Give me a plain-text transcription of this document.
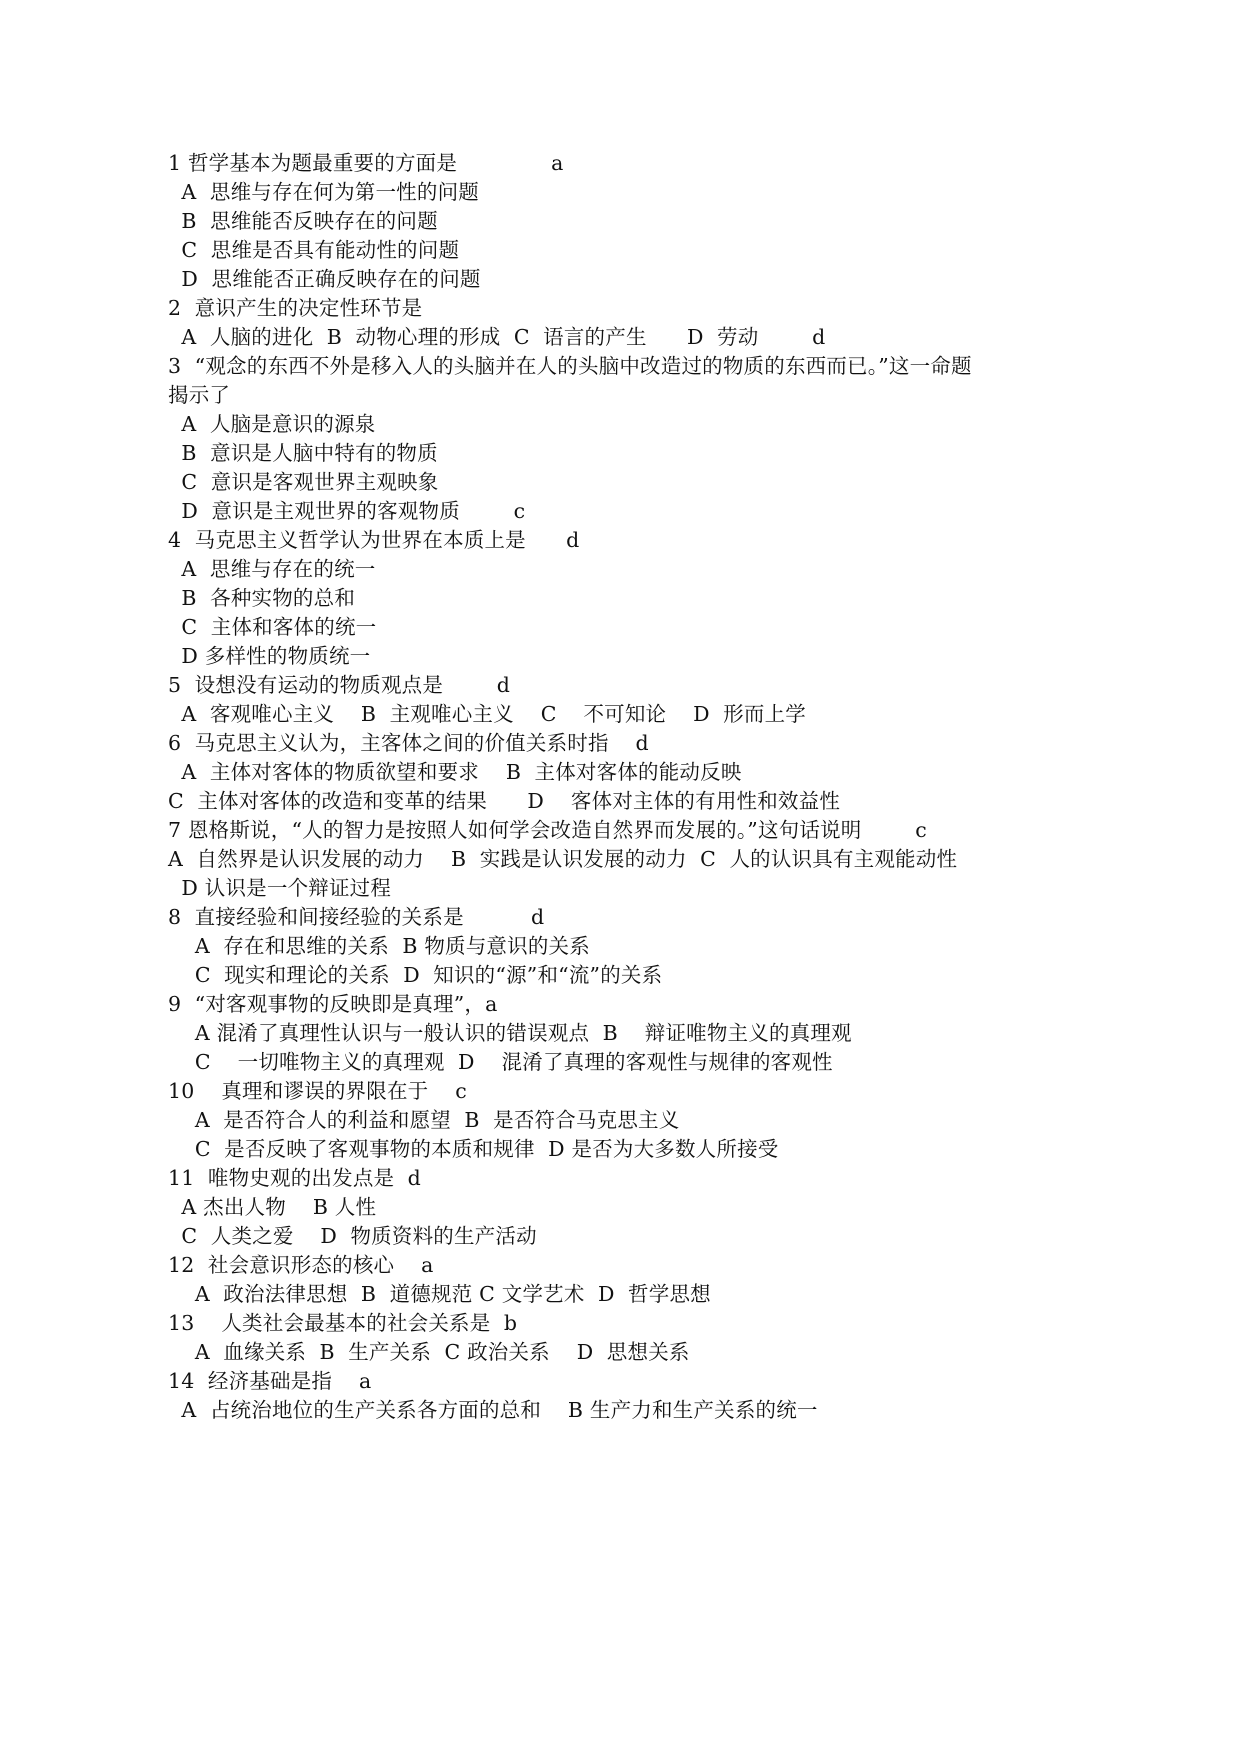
1 哲学基本为题最重要的方面是              a
A  思维与存在何为第一性的问题
B  思维能否反映存在的问题
C  思维是否具有能动性的问题
D  思维能否正确反映存在的问题
2  意识产生的决定性环节是
A  人脑的进化  B  动物心理的形成  C  语言的产生      D  劳动        d
3  “观念的东西不外是移入人的头脑并在人的头脑中改造过的物质的东西而已。”这一命题
揭示了
A  人脑是意识的源泉
B  意识是人脑中特有的物质
C  意识是客观世界主观映象
D  意识是主观世界的客观物质        c
4  马克思主义哲学认为世界在本质上是      d
A  思维与存在的统一
B  各种实物的总和
C  主体和客体的统一
D 多样性的物质统一
5  设想没有运动的物质观点是        d
A  客观唯心主义    B  主观唯心主义    C    不可知论    D  形而上学
6  马克思主义认为，主客体之间的价值关系时指    d
A  主体对客体的物质欲望和要求    B  主体对客体的能动反映
C  主体对客体的改造和变革的结果      D    客体对主体的有用性和效益性
7 恩格斯说，“人的智力是按照人如何学会改造自然界而发展的。”这句话说明        c
A  自然界是认识发展的动力    B  实践是认识发展的动力  C  人的认识具有主观能动性
D 认识是一个辩证过程
8  直接经验和间接经验的关系是          d
A  存在和思维的关系  B 物质与意识的关系
C  现实和理论的关系  D  知识的“源”和“流”的关系
9  “对客观事物的反映即是真理”，a
A 混淆了真理性认识与一般认识的错误观点  B    辩证唯物主义的真理观
C    一切唯物主义的真理观  D    混淆了真理的客观性与规律的客观性
10    真理和谬误的界限在于    c
A  是否符合人的利益和愿望  B  是否符合马克思主义
C  是否反映了客观事物的本质和规律  D 是否为大多数人所接受
11  唯物史观的出发点是  d
A 杰出人物    B 人性
C  人类之爱    D  物质资料的生产活动
12  社会意识形态的核心    a
A  政治法律思想  B  道德规范 C 文学艺术  D  哲学思想
13    人类社会最基本的社会关系是  b
A  血缘关系  B  生产关系  C 政治关系    D  思想关系
14  经济基础是指    a
A  占统治地位的生产关系各方面的总和    B 生产力和生产关系的统一
